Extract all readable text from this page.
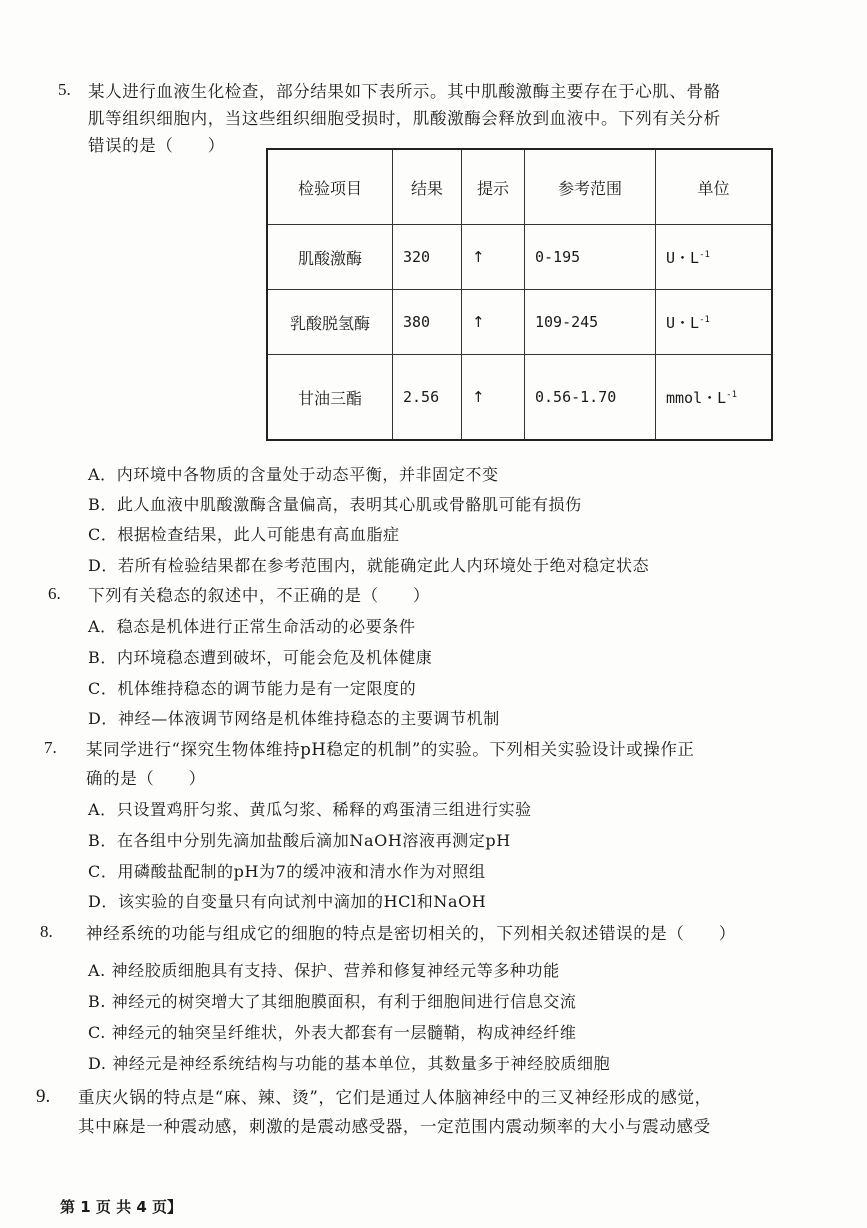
5. 某人进行血液生化检查，部分结果如下表所示。其中肌酸激酶主要存在于心肌、骨骼
肌等组织细胞内，当这些组织细胞受损时，肌酸激酶会释放到血液中。下列有关分析
错误的是（　　）
检验项目	结果	提示	参考范围	单位
肌酸激酶	320	↑	0-195	U・$L^{-1}$
乳酸脱氢酶	380	↑	109-245	U・$L^{-1}$
甘油三酯	2.56	↑	0.56-1.70	mmol・$L^{-1}$
A．内环境中各物质的含量处于动态平衡，并非固定不变
B．此人血液中肌酸激酶含量偏高，表明其心肌或骨骼肌可能有损伤
C．根据检查结果，此人可能患有高血脂症
D．若所有检验结果都在参考范围内，就能确定此人内环境处于绝对稳定状态
6. 下列有关稳态的叙述中，不正确的是（　　）
A．稳态是机体进行正常生命活动的必要条件
B．内环境稳态遭到破坏，可能会危及机体健康
C．机体维持稳态的调节能力是有一定限度的
D．神经—体液调节网络是机体维持稳态的主要调节机制
7. 某同学进行“探究生物体维持pH稳定的机制”的实验。下列相关实验设计或操作正
确的是（　　）
A．只设置鸡肝匀浆、黄瓜匀浆、稀释的鸡蛋清三组进行实验
B．在各组中分别先滴加盐酸后滴加NaOH溶液再测定pH
C．用磷酸盐配制的pH为7的缓冲液和清水作为对照组
D．该实验的自变量只有向试剂中滴加的HCl和NaOH
8. 神经系统的功能与组成它的细胞的特点是密切相关的，下列相关叙述错误的是（　　）
A. 神经胶质细胞具有支持、保护、营养和修复神经元等多种功能
B. 神经元的树突增大了其细胞膜面积，有利于细胞间进行信息交流
C. 神经元的轴突呈纤维状，外表大都套有一层髓鞘，构成神经纤维
D. 神经元是神经系统结构与功能的基本单位，其数量多于神经胶质细胞
9. 重庆火锅的特点是“麻、辣、烫”，它们是通过人体脑神经中的三叉神经形成的感觉，
其中麻是一种震动感，刺激的是震动感受器，一定范围内震动频率的大小与震动感受
第 1 页 共 4 页】
